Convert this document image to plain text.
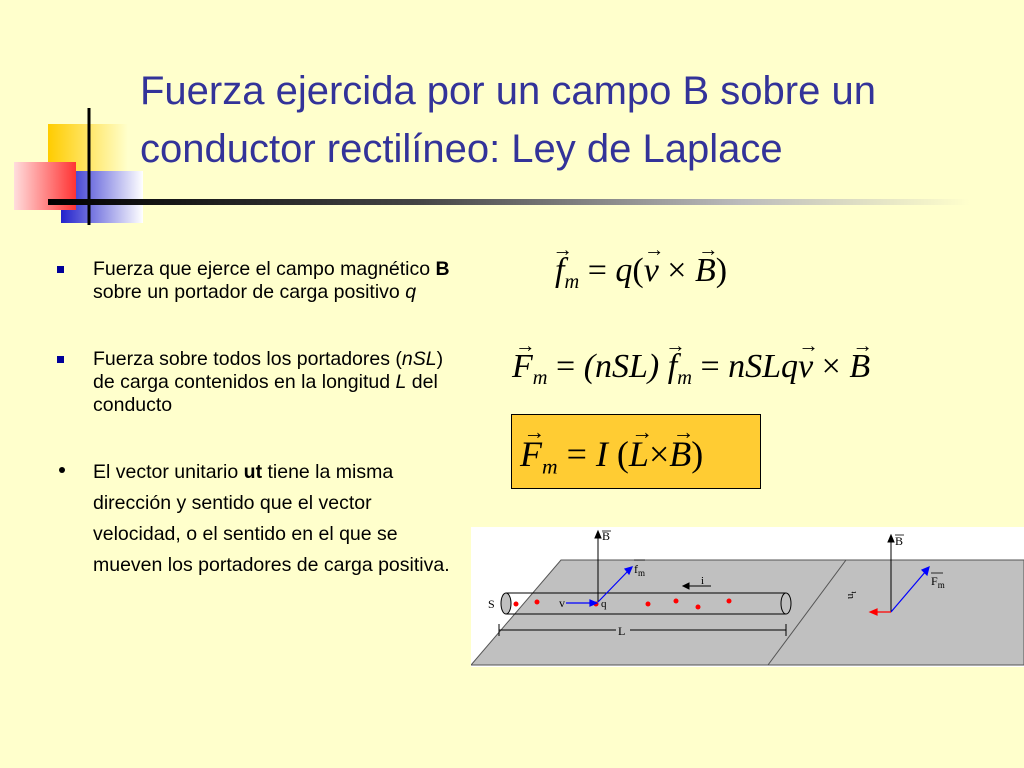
Fuerza ejercida por un campo B sobre un
conductor rectilíneo: Ley de Laplace
Fuerza que ejerce el campo magnético B sobre un portador de carga positivo q
Fuerza sobre todos los portadores (nSL) de carga contenidos en la longitud L del conducto
El vector unitario ut tiene la misma dirección y sentido que el vector velocidad, o el sentido en el que se mueven los portadores de carga positiva.
→ $f_m = q(\to v$ × → B)
→ $F_m = (nSL) \to f_m$ = nSLq→ v × → B
→ $F_m = I$ (→ L×→ B)
L
B
$f_m$
v	q
i
S
B
$F_m$
$u_t$
